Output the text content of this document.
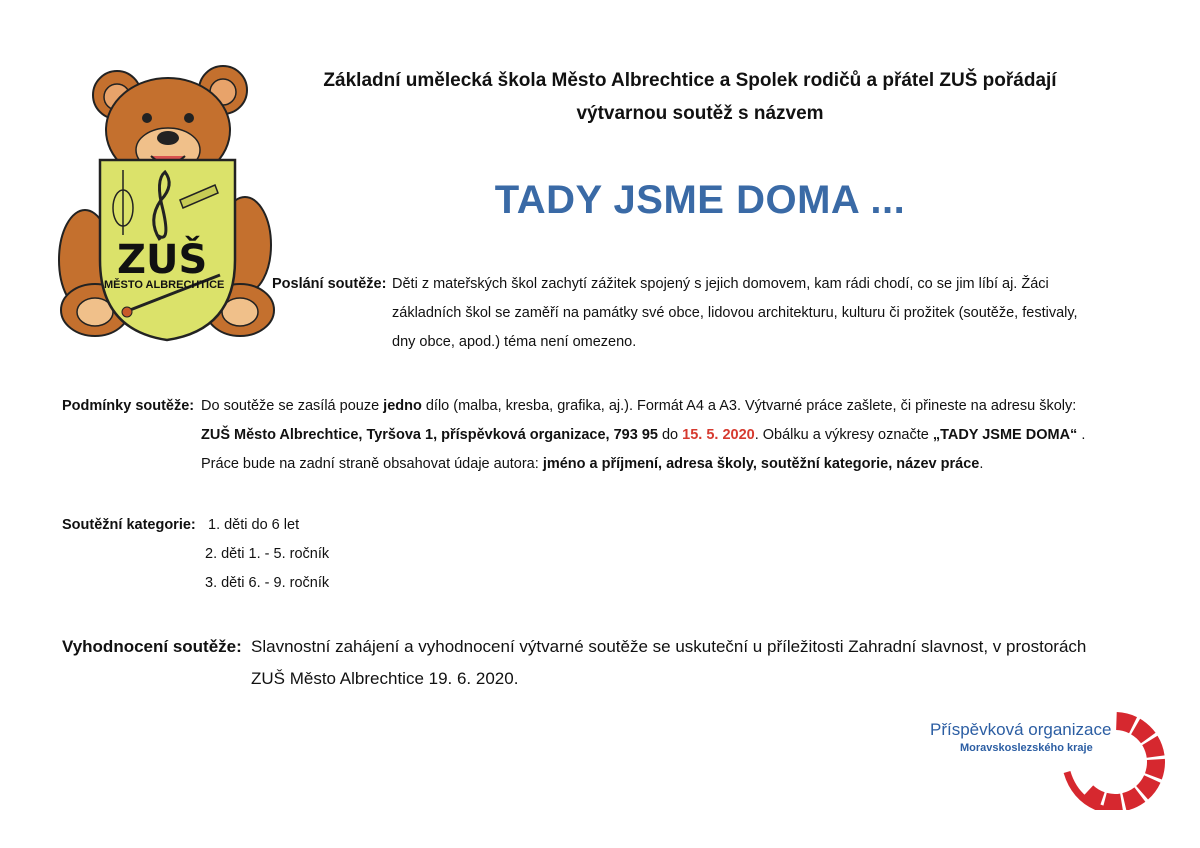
ZUŠ
MĚSTO ALBRECHTICE
Základní umělecká škola Město Albrechtice a Spolek rodičů a přátel ZUŠ pořádají
výtvarnou soutěž s názvem
TADY JSME DOMA ...
Poslání soutěže: Děti z mateřských škol zachytí zážitek spojený s jejich domovem, kam rádi chodí, co se jim líbí aj. Žáci
základních škol se zaměří na památky své obce, lidovou architekturu, kulturu či prožitek (soutěže, festivaly,
dny obce, apod.) téma není omezeno.
Podmínky soutěže: Do soutěže se zasílá pouze jedno dílo (malba, kresba, grafika, aj.). Formát A4 a A3. Výtvarné práce zašlete, či přineste na adresu školy:
ZUŠ Město Albrechtice, Tyršova 1, příspěvková organizace, 793 95 do 15. 5. 2020. Obálku a výkresy označte „TADY JSME DOMA“ .
Práce bude na zadní straně obsahovat údaje autora: jméno a příjmení, adresa školy, soutěžní kategorie, název práce.
Soutěžní kategorie: 1. děti do 6 let
2. děti 1. - 5. ročník
3. děti 6. - 9. ročník
Vyhodnocení soutěže: Slavnostní zahájení a vyhodnocení výtvarné soutěže se uskuteční u příležitosti Zahradní slavnost, v prostorách
ZUŠ Město Albrechtice 19. 6. 2020.
Příspěvková organizace
Moravskoslezského kraje
